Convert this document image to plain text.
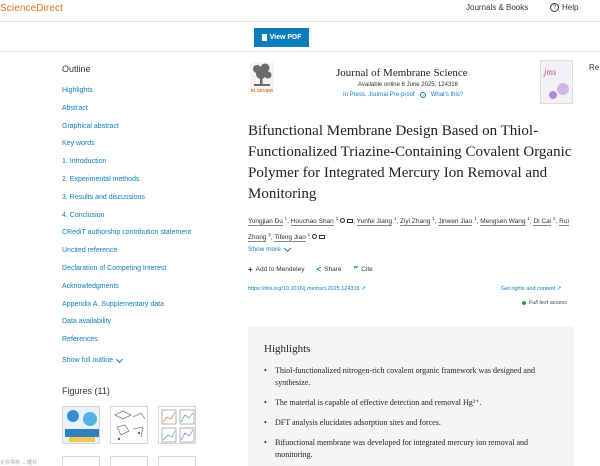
ScienceDirect	Journals & Books	? Help
View PDF
Outline
Highlights
Abstract
Graphical abstract
Key words
1. Introduction
2. Experimental methods
3. Results and discussions
4. Conclusion
CRediT authorship contribution statement
Uncited reference
Declaration of Competing Interest
Acknowledgments
Appendix A. Supplementary data
Data availability
References
Show full outline
Figures (11)
ELSEVIER
Journal of Membrane Science
Available online 6 June 2025, 124316
In Press, Journal Pre-proof	?	What's this?
jms	Re
Bifunctional Membrane Design Based on Thiol-Functionalized Triazine-Containing Covalent Organic Polymer for Integrated Mercury Ion Removal and Monitoring
Yongjian Du $^1$, Houchao Shan $^1$ , Yunfei Jiang $^1$, Ziyi Zhang $^1$, Jinwen Jiao $^1$, Mengsen Wang $^1$, Di Cai $^2$, Rui Zhong $^3$, Tifeng Jiao $^1$
Show more
+ Add to Mendeley < Share ❞ Cite
https://doi.org/10.1016/j.memsci.2025.124316 ↗	Get rights and content ↗
Full text access
Highlights
• Thiol-functionalized nitrogen-rich covalent organic framework was designed and synthesize.
• The material is capable of effective detection and removal Hg²⁺.
• DFT analysis elucidates adsorption sites and forces.
• Bifunctional membrane was developed for integrated mercury ion removal and monitoring.
正在等待 ... 缓存
